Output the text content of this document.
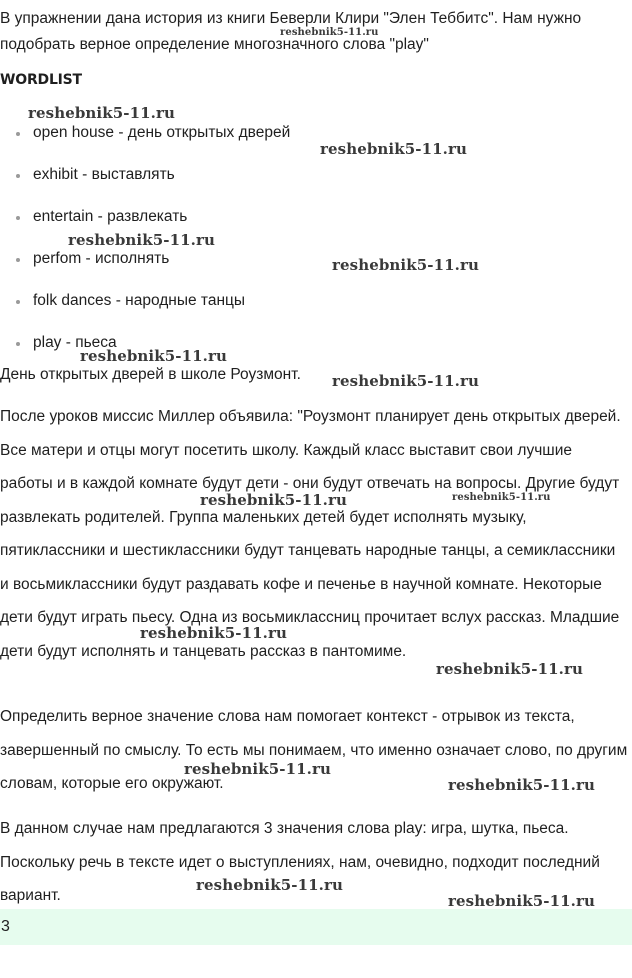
В упражнении дана история из книги Беверли Клири "Элен Теббитс". Нам нужно подобрать верное определение многозначного слова "play"

WORDLIST

open house - день открытых дверей
exhibit - выставлять
entertain - развлекать
perfom - исполнять
folk dances - народные танцы
play - пьеса

День открытых дверей в школе Роузмонт.

После уроков миссис Миллер объявила: "Роузмонт планирует день открытых дверей. Все матери и отцы могут посетить школу. Каждый класс выставит свои лучшие работы и в каждой комнате будут дети - они будут отвечать на вопросы. Другие будут развлекать родителей. Группа маленьких детей будет исполнять музыку, пятиклассники и шестиклассники будут танцевать народные танцы, а семиклассники и восьмиклассники будут раздавать кофе и печенье в научной комнате. Некоторые дети будут играть пьесу. Одна из восьмиклассниц прочитает вслух рассказ. Младшие дети будут исполнять и танцевать рассказ в пантомиме.

Определить верное значение слова нам помогает контекст - отрывок из текста, завершенный по смыслу. То есть мы понимаем, что именно означает слово, по другим словам, которые его окружают.

В данном случае нам предлагаются 3 значения слова play: игра, шутка, пьеса. Поскольку речь в тексте идет о выступлениях, нам, очевидно, подходит последний вариант.

3
reshebnik5-11.ru
reshebnik5-11.ru
reshebnik5-11.ru
reshebnik5-11.ru
reshebnik5-11.ru
reshebnik5-11.ru
reshebnik5-11.ru
reshebnik5-11.ru	reshebnik5-11.ru
reshebnik5-11.ru
reshebnik5-11.ru
reshebnik5-11.ru
reshebnik5-11.ru
reshebnik5-11.ru
reshebnik5-11.ru
